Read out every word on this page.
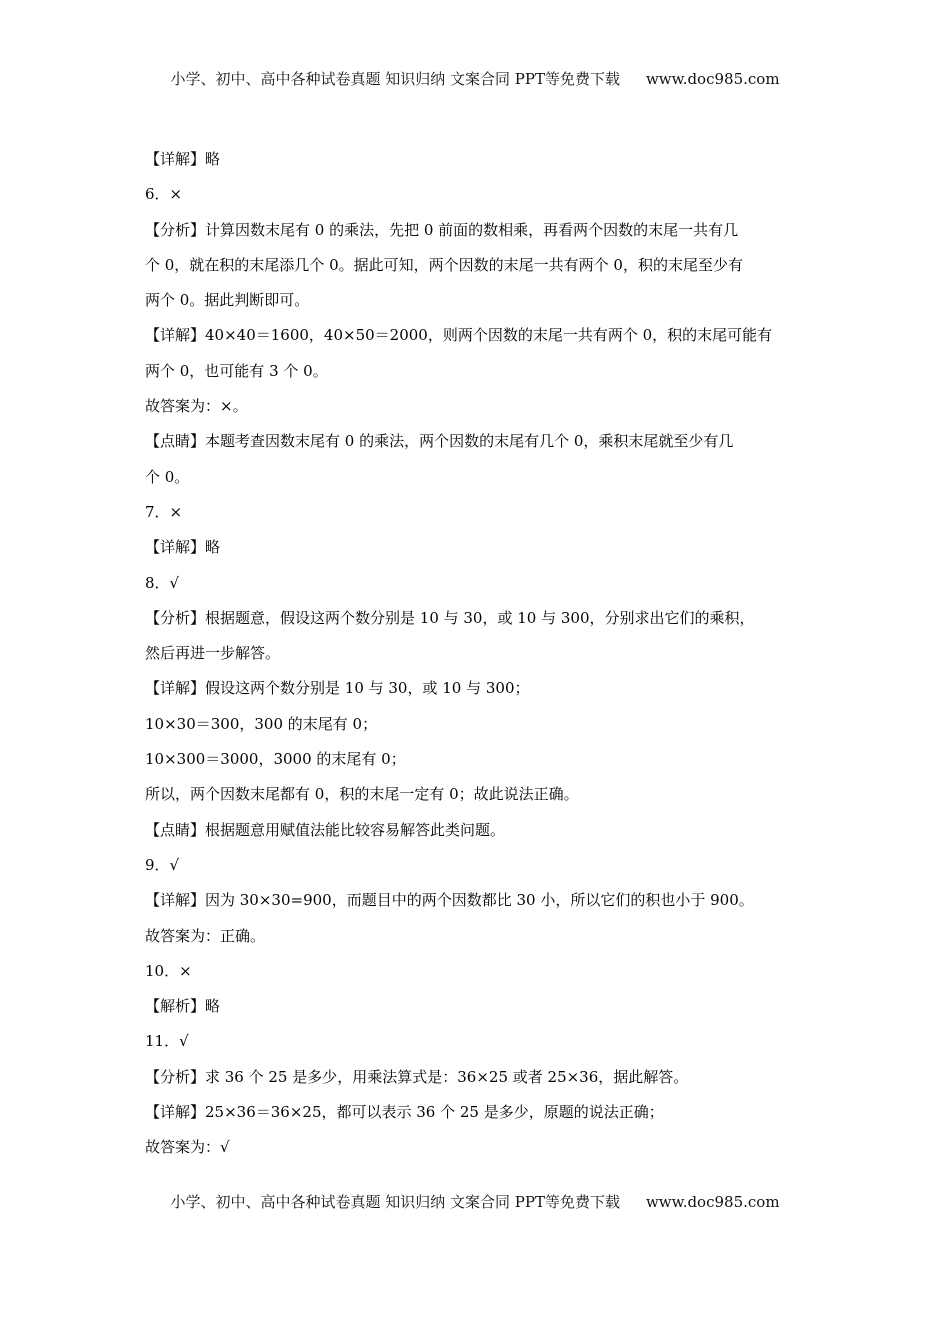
小学、初中、高中各种试卷真题 知识归纳 文案合同 PPT等免费下载 www.doc985.com
【详解】略
6．×
【分析】计算因数末尾有 0 的乘法，先把 0 前面的数相乘，再看两个因数的末尾一共有几
个 0，就在积的末尾添几个 0。据此可知，两个因数的末尾一共有两个 0，积的末尾至少有
两个 0。据此判断即可。
【详解】40×40＝1600，40×50＝2000，则两个因数的末尾一共有两个 0，积的末尾可能有
两个 0，也可能有 3 个 0。
故答案为：×。
【点睛】本题考查因数末尾有 0 的乘法，两个因数的末尾有几个 0，乘积末尾就至少有几
个 0。
7．×
【详解】略
8．√
【分析】根据题意，假设这两个数分别是 10 与 30，或 10 与 300，分别求出它们的乘积，
然后再进一步解答。
【详解】假设这两个数分别是 10 与 30，或 10 与 300；
10×30＝300，300 的末尾有 0；
10×300＝3000，3000 的末尾有 0；
所以，两个因数末尾都有 0，积的末尾一定有 0；故此说法正确。
【点睛】根据题意用赋值法能比较容易解答此类问题。
9．√
【详解】因为 30×30=900，而题目中的两个因数都比 30 小，所以它们的积也小于 900。
故答案为：正确。
10．×
【解析】略
11．√
【分析】求 36 个 25 是多少，用乘法算式是：36×25 或者 25×36，据此解答。
【详解】25×36＝36×25，都可以表示 36 个 25 是多少，原题的说法正确；
故答案为：√
小学、初中、高中各种试卷真题 知识归纳 文案合同 PPT等免费下载 www.doc985.com
